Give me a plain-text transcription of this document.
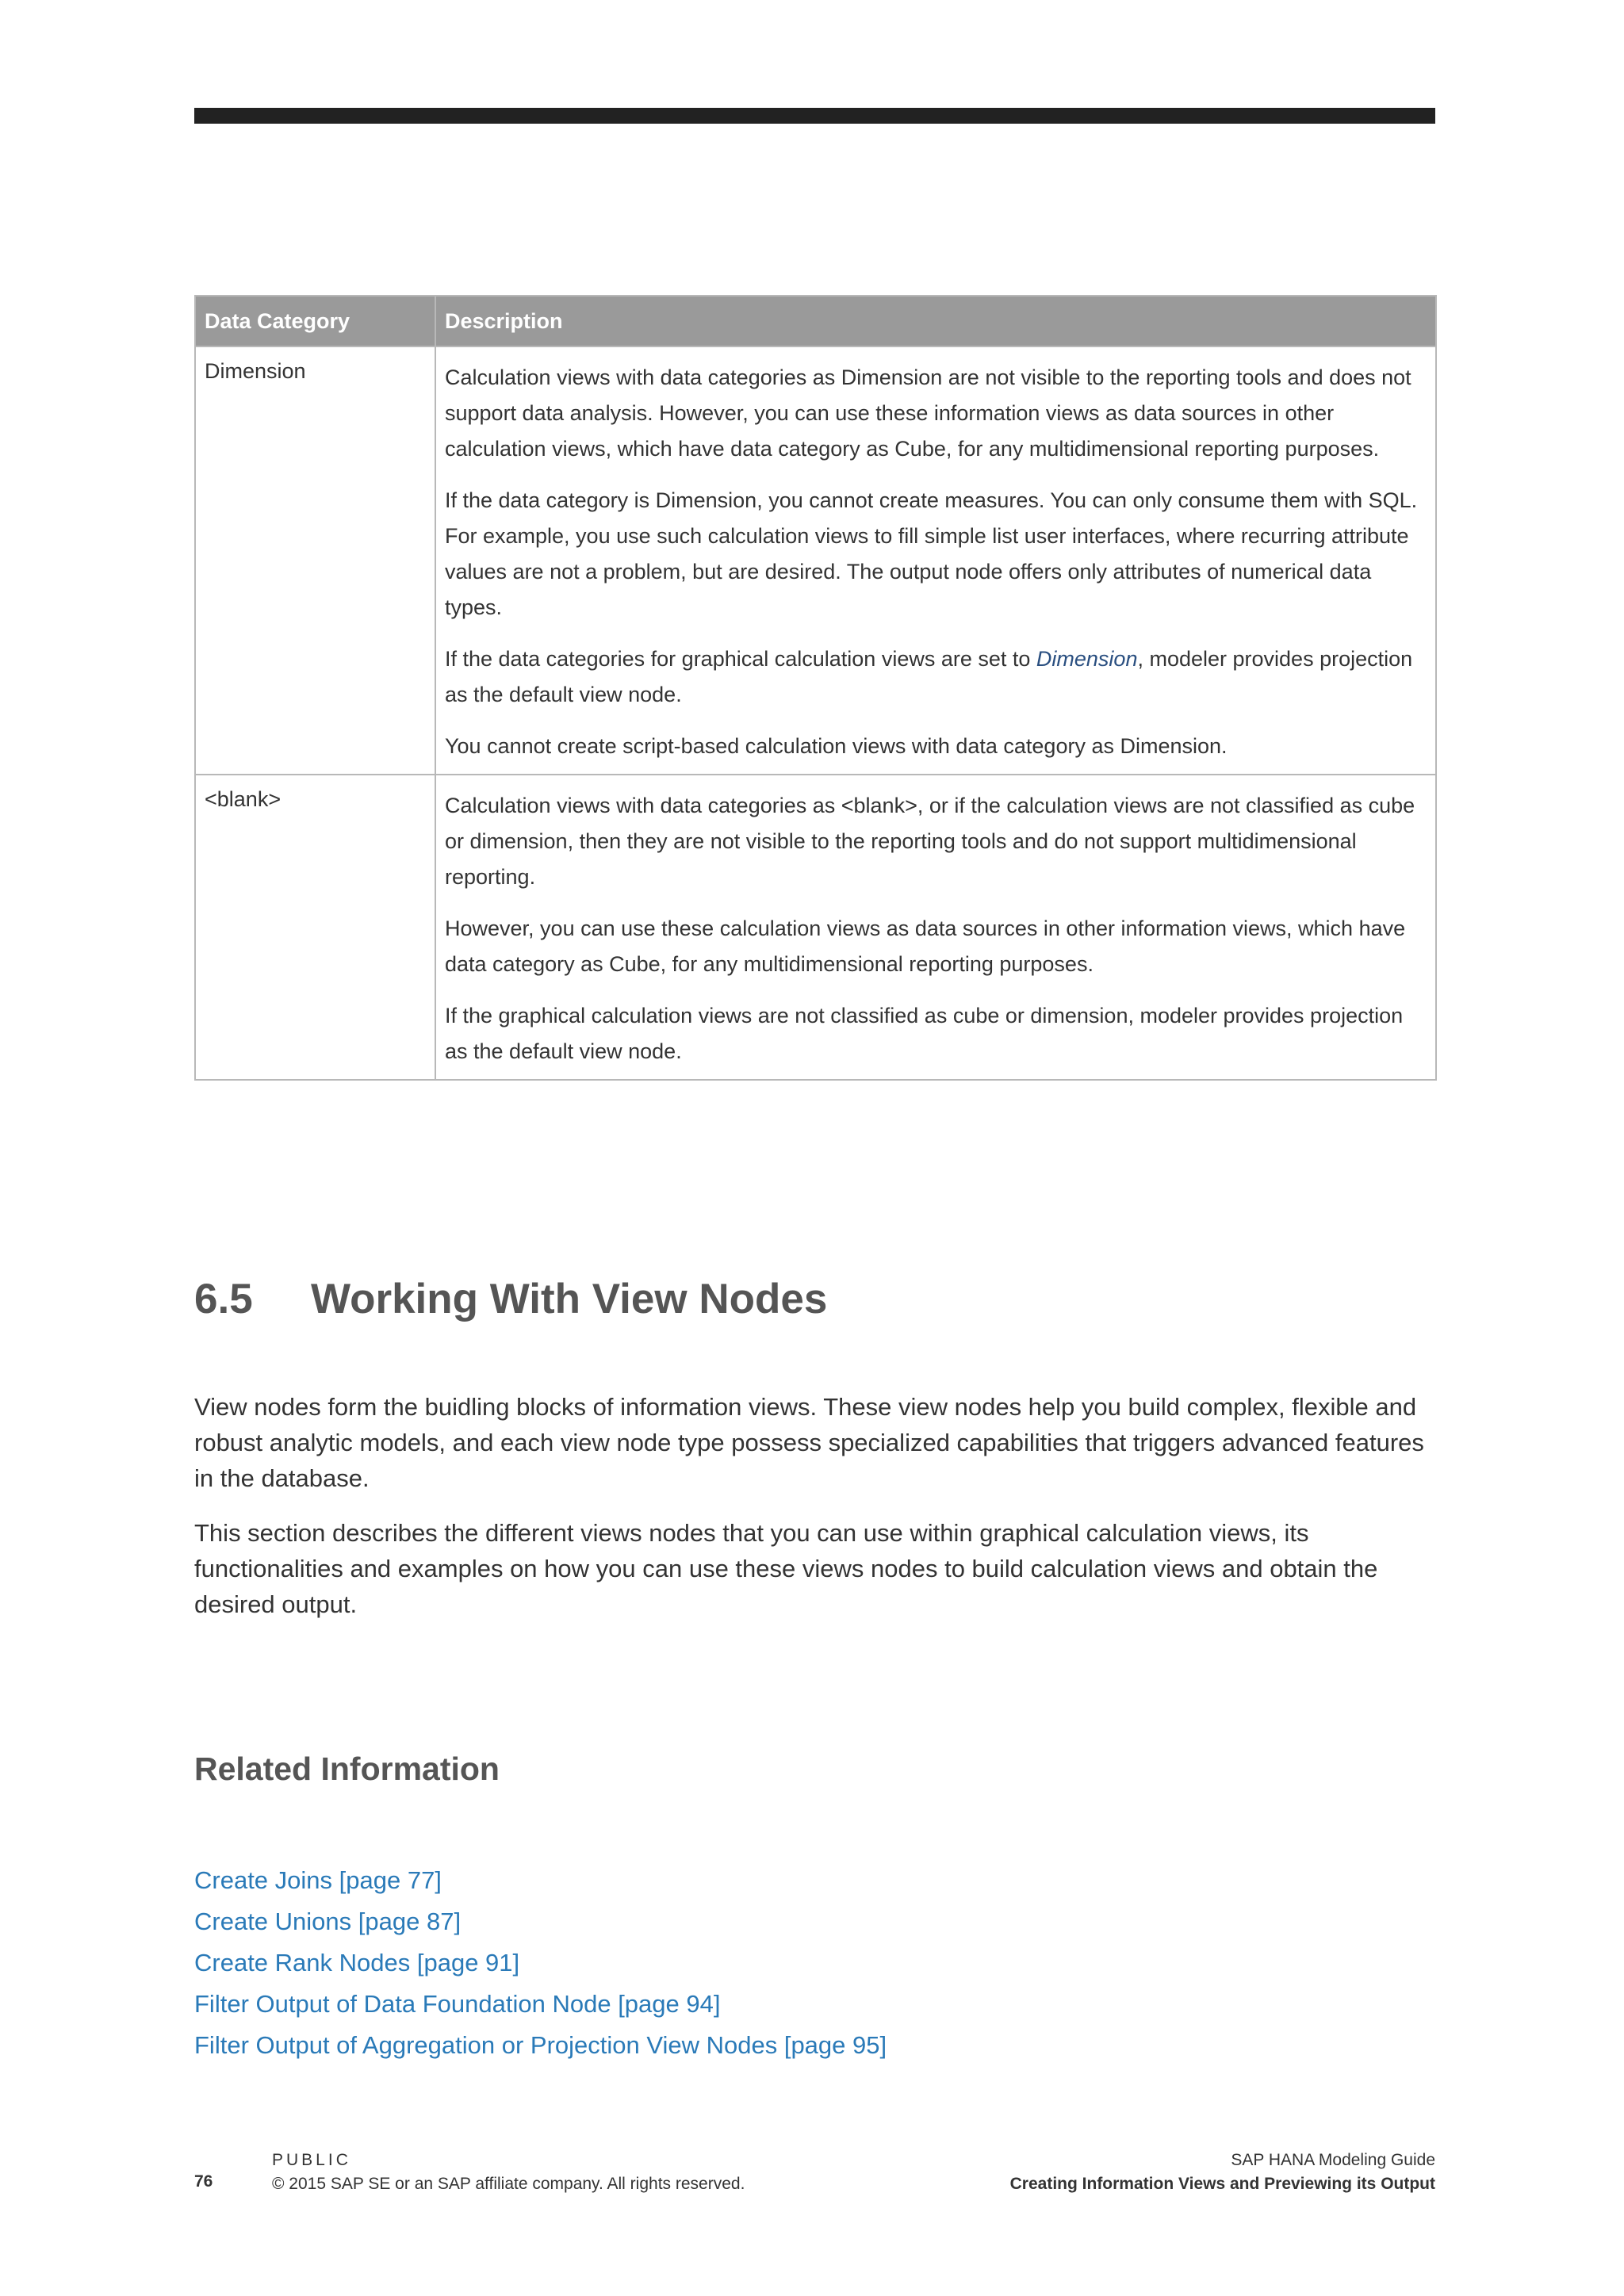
Data Category	Description
Dimension	Calculation views with data categories as Dimension are not visible to the reporting tools and does not support data analysis. However, you can use these information views as data sources in other calculation views, which have data category as Cube, for any multidimensional reporting purposes.

If the data category is Dimension, you cannot create measures. You can only consume them with SQL. For example, you use such calculation views to fill simple list user interfaces, where recurring attribute values are not a problem, but are desired. The output node offers only attributes of numerical data types.

If the data categories for graphical calculation views are set to Dimension, modeler provides projection as the default view node.

You cannot create script-based calculation views with data category as Dimension.

<blank>	Calculation views with data categories as <blank>, or if the calculation views are not classified as cube or dimension, then they are not visible to the reporting tools and do not support multidimensional reporting.

However, you can use these calculation views as data sources in other information views, which have data category as Cube, for any multidimensional reporting purposes.

If the graphical calculation views are not classified as cube or dimension, modeler provides projection as the default view node.

6.5 Working With View Nodes

View nodes form the buidling blocks of information views. These view nodes help you build complex, flexible and robust analytic models, and each view node type possess specialized capabilities that triggers advanced features in the database.

This section describes the different views nodes that you can use within graphical calculation views, its functionalities and examples on how you can use these views nodes to build calculation views and obtain the desired output.

Related Information
Create Joins [page 77]
Create Unions [page 87]
Create Rank Nodes [page 91]
Filter Output of Data Foundation Node [page 94]
Filter Output of Aggregation or Projection View Nodes [page 95]
76
PUBLIC
© 2015 SAP SE or an SAP affiliate company. All rights reserved.
SAP HANA Modeling Guide
Creating Information Views and Previewing its Output
